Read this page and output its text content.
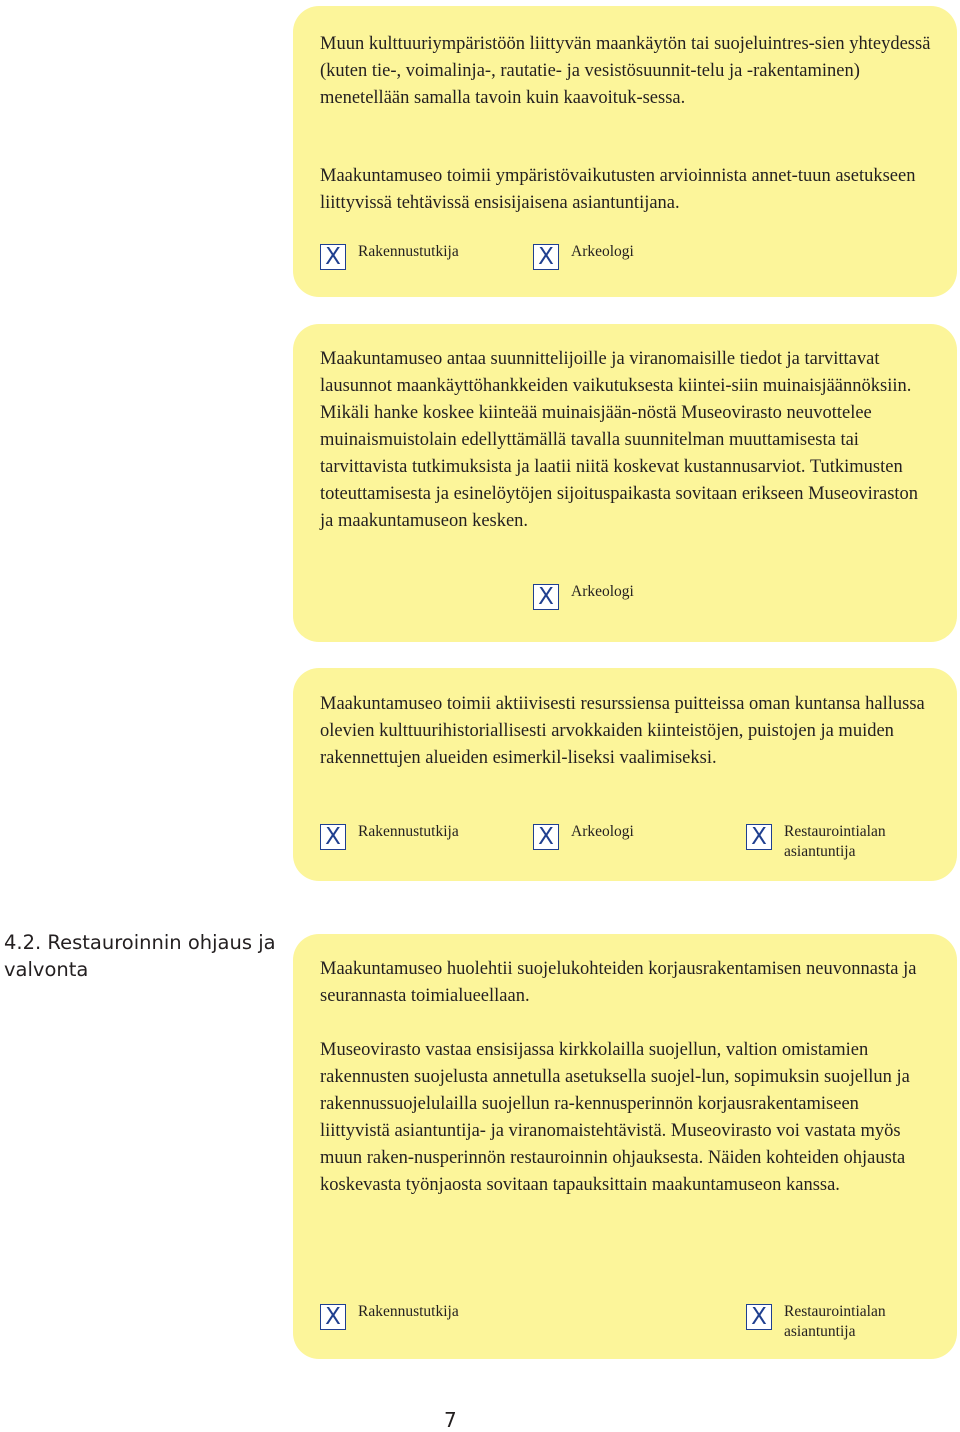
Muun kulttuuriympäristöön liittyvän maankäytön tai suojeluintres-sien yhteydessä (kuten tie-, voimalinja-, rautatie- ja vesistösuunnit-telu ja -rakentaminen) menetellään samalla tavoin kuin kaavoituk-sessa.

Maakuntamuseo toimii ympäristövaikutusten arvioinnista annet-tuun asetukseen liittyvissä tehtävissä ensisijaisena asiantuntijana.

X	Rakennustutkija	X	Arkeologi

Maakuntamuseo antaa suunnittelijoille ja viranomaisille tiedot ja tarvittavat lausunnot maankäyttöhankkeiden vaikutuksesta kiintei-siin muinaisjäännöksiin. Mikäli hanke koskee kiinteää muinaisjään-nöstä Museovirasto neuvottelee muinaismuistolain edellyttämällä tavalla suunnitelman muuttamisesta tai tarvittavista tutkimuksista ja laatii niitä koskevat kustannusarviot. Tutkimusten toteuttamisesta ja esinelöytöjen sijoituspaikasta sovitaan erikseen Museoviraston ja maakuntamuseon kesken.

X	Arkeologi

Maakuntamuseo toimii aktiivisesti resurssiensa puitteissa oman kuntansa hallussa olevien kulttuurihistoriallisesti arvokkaiden kiinteistöjen, puistojen ja muiden rakennettujen alueiden esimerkil-liseksi vaalimiseksi.

X	Rakennustutkija	X	Arkeologi	X	Restaurointialan asiantuntija
4.2. Restauroinnin ohjaus ja valvonta	Maakuntamuseo huolehtii suojelukohteiden korjausrakentamisen neuvonnasta ja seurannasta toimialueellaan.

Museovirasto vastaa ensisijassa kirkkolailla suojellun, valtion omistamien rakennusten suojelusta annetulla asetuksella suojel-lun, sopimuksin suojellun ja rakennussuojelulailla suojellun ra-kennusperinnön korjausrakentamiseen liittyvistä asiantuntija- ja viranomaistehtävistä. Museovirasto voi vastata myös muun raken-nusperinnön restauroinnin ohjauksesta. Näiden kohteiden ohjausta koskevasta työnjaosta sovitaan tapauksittain maakuntamuseon kanssa.

X	Rakennustutkija	X	Restaurointialan asiantuntija
7
